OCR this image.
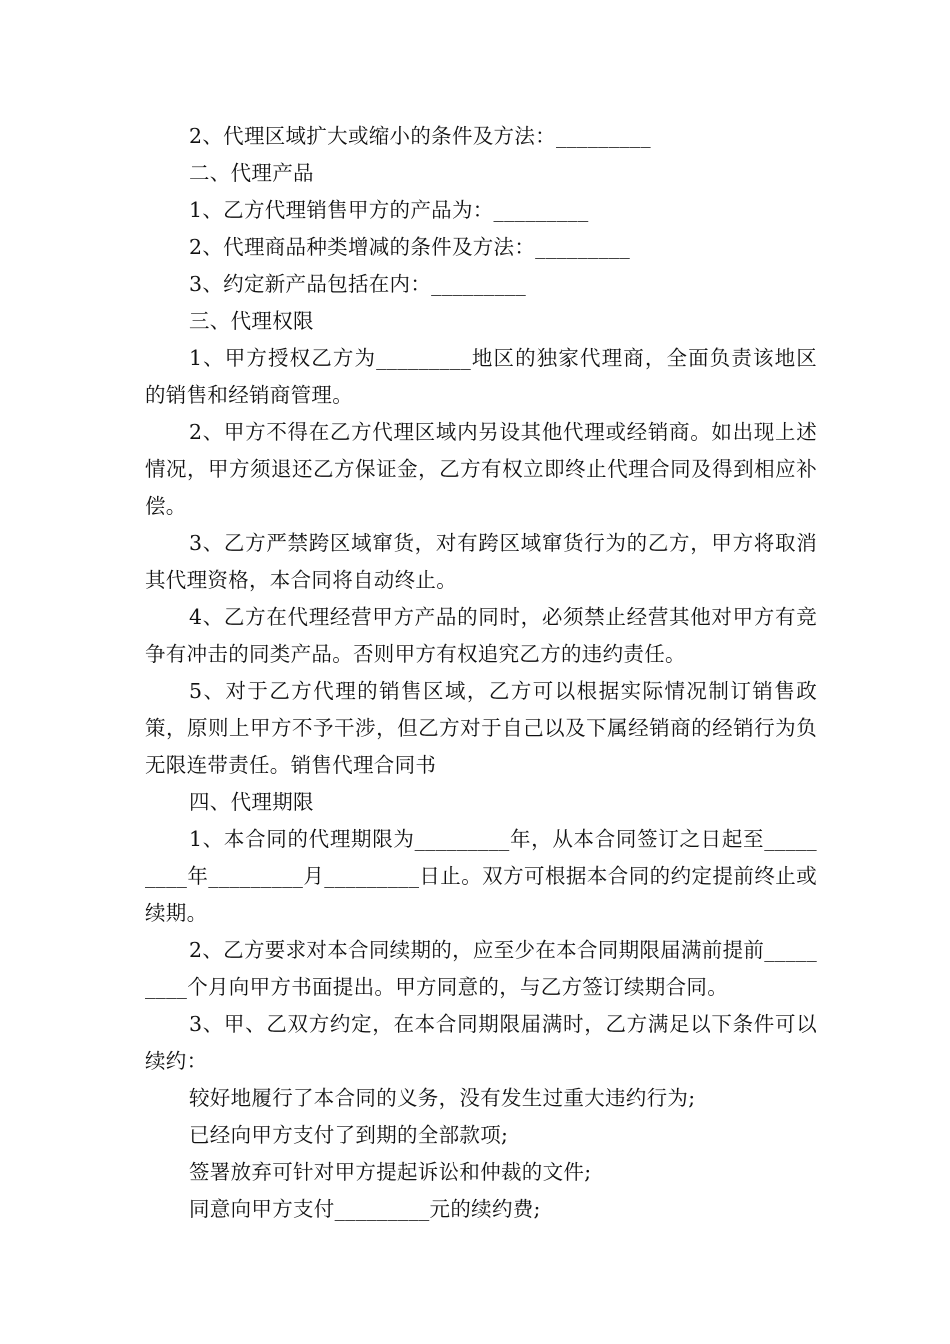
2、代理区域扩大或缩小的条件及方法：_________

二、代理产品

1、乙方代理销售甲方的产品为：_________

2、代理商品种类增减的条件及方法：_________

3、约定新产品包括在内：_________

三、代理权限

1、甲方授权乙方为_________地区的独家代理商，全面负责该地区的销售和经销商管理。

2、甲方不得在乙方代理区域内另设其他代理或经销商。如出现上述情况，甲方须退还乙方保证金，乙方有权立即终止代理合同及得到相应补偿。

3、乙方严禁跨区域窜货，对有跨区域窜货行为的乙方，甲方将取消其代理资格，本合同将自动终止。

4、乙方在代理经营甲方产品的同时，必须禁止经营其他对甲方有竞争有冲击的同类产品。否则甲方有权追究乙方的违约责任。

5、对于乙方代理的销售区域，乙方可以根据实际情况制订销售政策，原则上甲方不予干涉，但乙方对于自己以及下属经销商的经销行为负无限连带责任。销售代理合同书

四、代理期限

1、本合同的代理期限为_________年，从本合同签订之日起至_________年_________月_________日止。双方可根据本合同的约定提前终止或续期。

2、乙方要求对本合同续期的，应至少在本合同期限届满前提前_________个月向甲方书面提出。甲方同意的，与乙方签订续期合同。

3、甲、乙双方约定，在本合同期限届满时，乙方满足以下条件可以续约：

较好地履行了本合同的义务，没有发生过重大违约行为;

已经向甲方支付了到期的全部款项;

签署放弃可针对甲方提起诉讼和仲裁的文件;

同意向甲方支付_________元的续约费;
